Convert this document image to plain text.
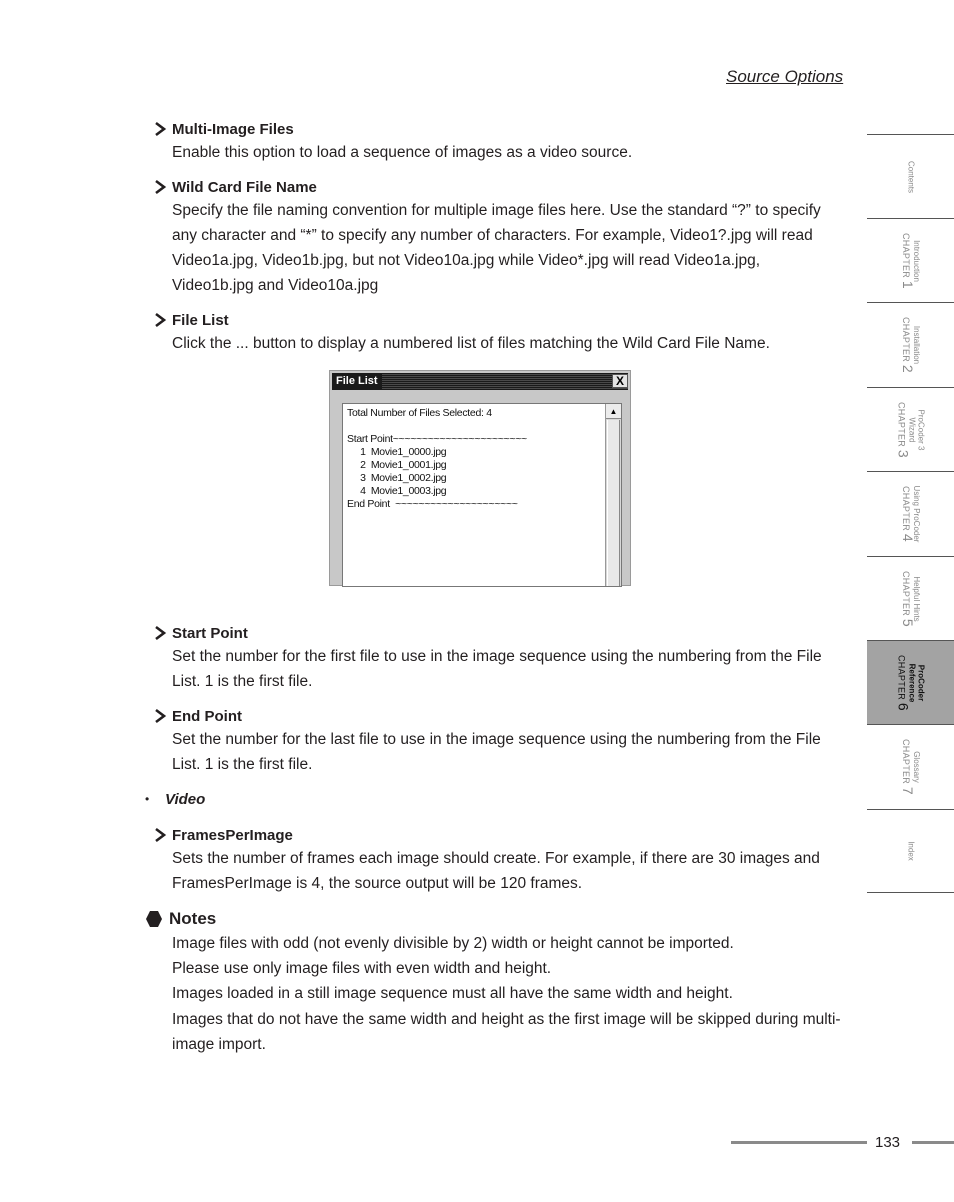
Source Options
Multi-Image Files
Enable this option to load a sequence of images as a video source.
Wild Card File Name
Specify the file naming convention for multiple image files here. Use the standard “?” to specify any character and “*” to specify any number of characters. For example, Video1?.jpg will read Video1a.jpg, Video1b.jpg, but not Video10a.jpg while Video*.jpg will read Video1a.jpg, Video1b.jpg and Video10a.jpg
File List
Click the ... button to display a numbered list of files matching the Wild Card File Name.
File List	X
Total Number of Files Selected: 4
Start Point~~~~~~~~~~~~~~~~~~~~~~~
1  Movie1_0000.jpg
2  Movie1_0001.jpg
3  Movie1_0002.jpg
4  Movie1_0003.jpg
End Point  ~~~~~~~~~~~~~~~~~~~~~
▲
Start Point
Set the number for the first file to use in the image sequence using the numbering from the File List. 1 is the first file.
End Point
Set the number for the last file to use in the image sequence using the numbering from the File List. 1 is the first file.
•	Video
FramesPerImage
Sets the number of frames each image should create. For example, if there are 30 images and FramesPerImage is 4, the source output will be 120 frames.
Notes
Image files with odd (not evenly divisible by 2) width or height cannot be imported.
Please use only image files with even width and height.
Images loaded in a still image sequence must all have the same width and height.
Images that do not have the same width and height as the first image will be skipped during multi-image import.
Contents
CHAPTER 1
Introduction
CHAPTER 2
Installation
CHAPTER 3
ProCoder 3 Wizard
CHAPTER 4
Using ProCoder
CHAPTER 5
Helpful Hints
CHAPTER 6
ProCoder Reference
CHAPTER 7
Glossary
Index
133
